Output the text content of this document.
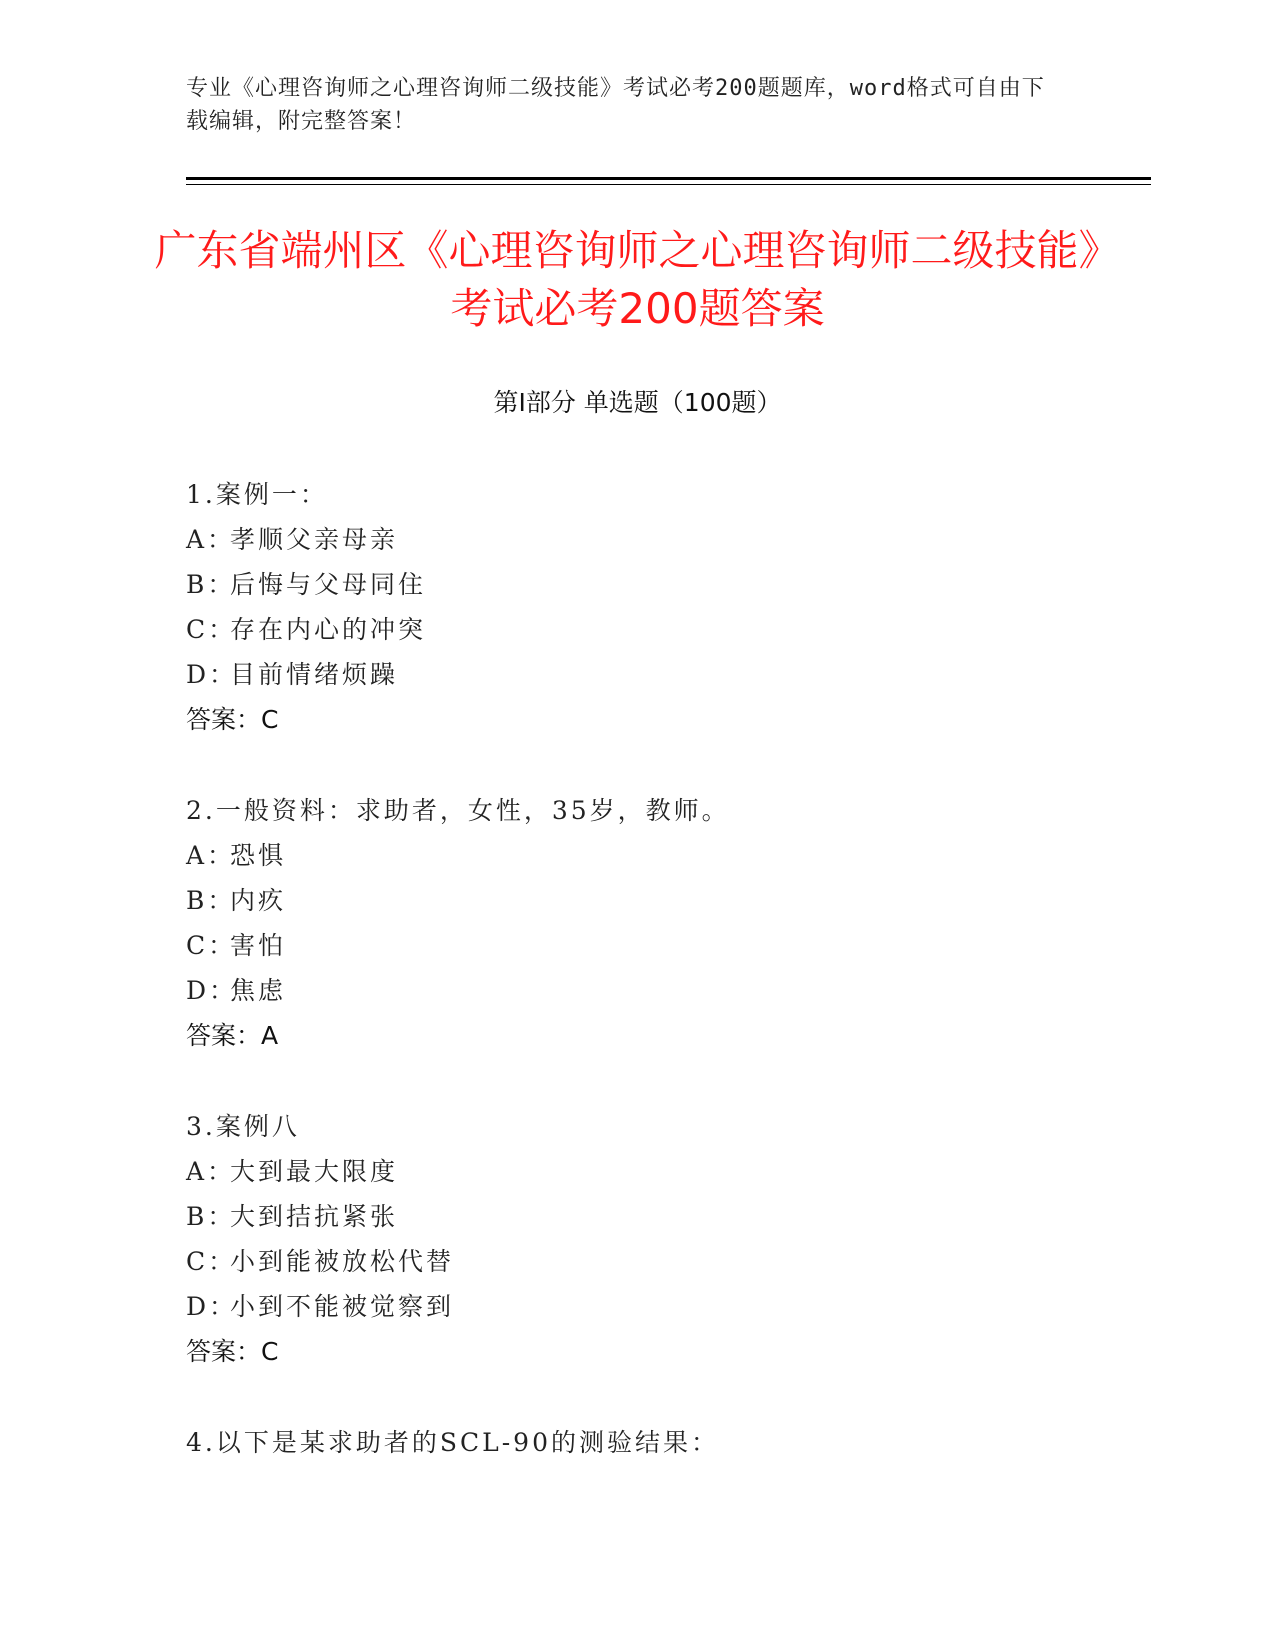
专业《心理咨询师之心理咨询师二级技能》考试必考200题题库，word格式可自由下载编辑，附完整答案！
广东省端州区《心理咨询师之心理咨询师二级技能》考试必考200题答案
第Ⅰ部分 单选题（100题）
1.案例一：
A：孝顺父亲母亲
B：后悔与父母同住
C：存在内心的冲突
D：目前情绪烦躁
答案：C
2.一般资料：求助者，女性，35岁，教师。
A：恐惧
B：内疚
C：害怕
D：焦虑
答案：A
3.案例八
A：大到最大限度
B：大到拮抗紧张
C：小到能被放松代替
D：小到不能被觉察到
答案：C
4.以下是某求助者的SCL-90的测验结果：
